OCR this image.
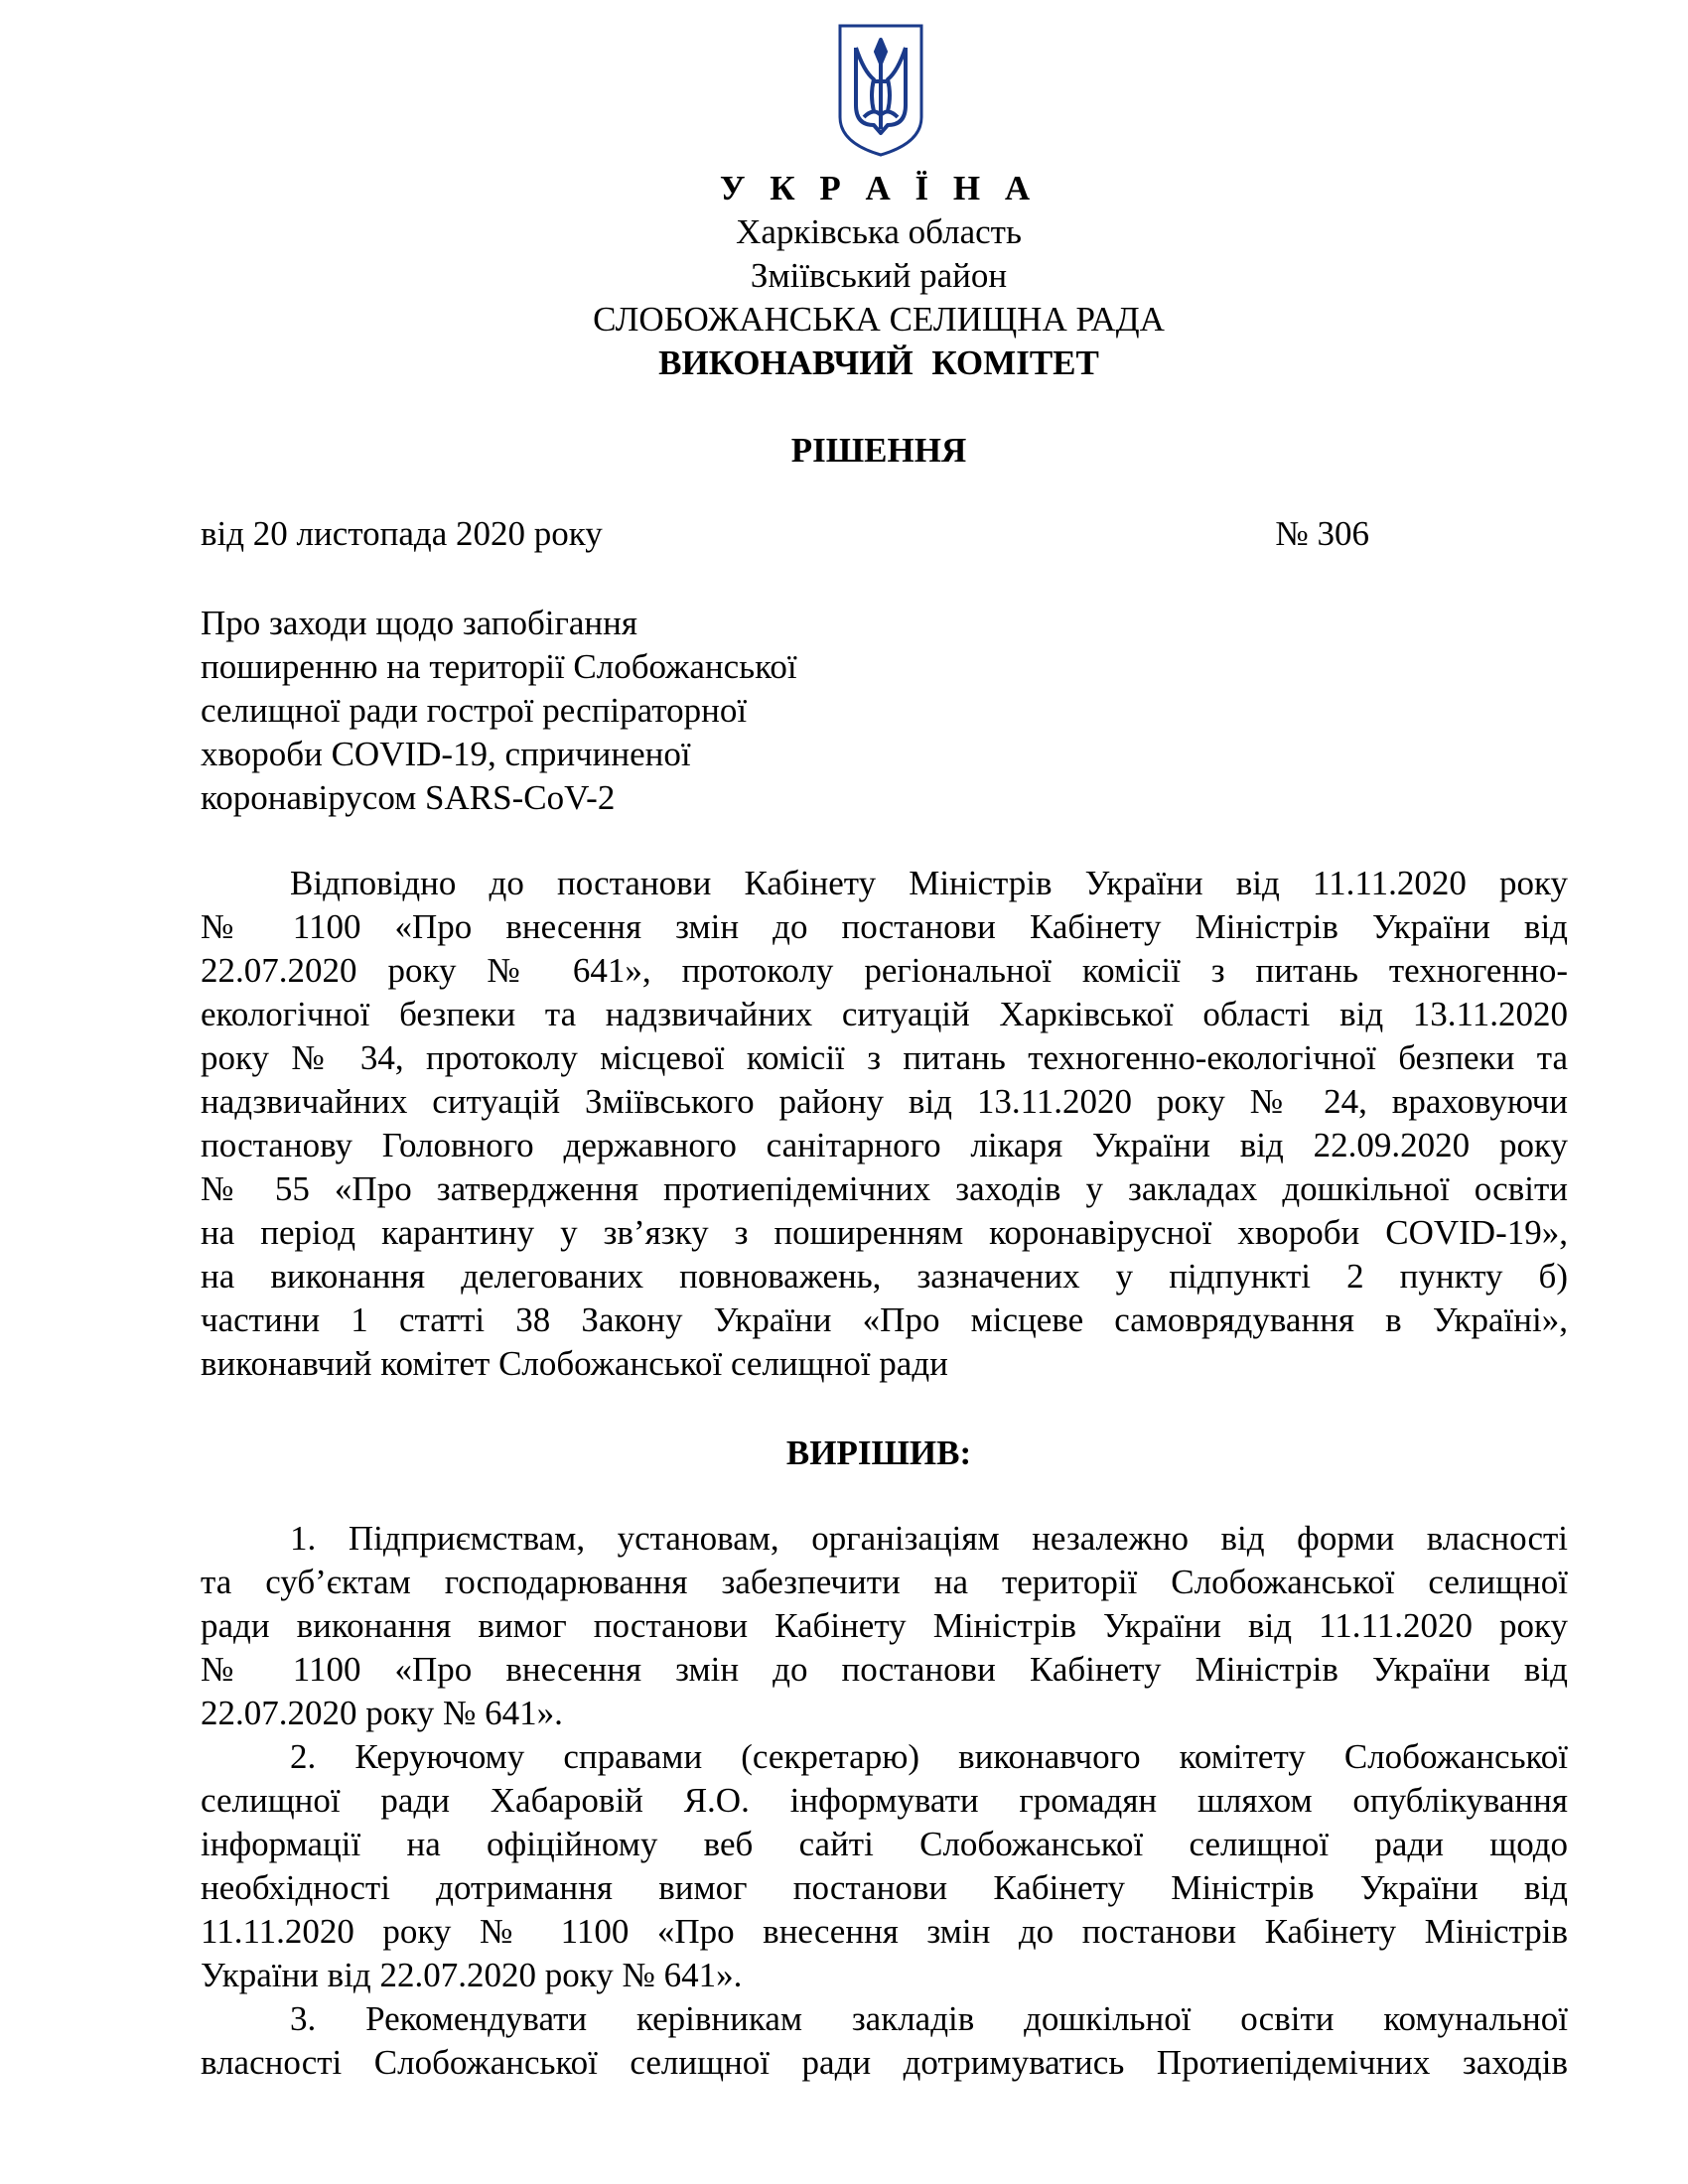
У К Р А Ї Н А
Харківська область
Зміївський район
СЛОБОЖАНСЬКА СЕЛИЩНА РАДА
ВИКОНАВЧИЙ КОМІТЕТ
РІШЕННЯ
від 20 листопада 2020 року	№ 306
Про заходи щодо запобігання
поширенню на території Слобожанської
селищної ради гострої респіраторної
хвороби COVID-19, спричиненої
коронавірусом SARS-CoV-2
Відповідно до постанови Кабінету Міністрів України від 11.11.2020 року
№ 1100 «Про внесення змін до постанови Кабінету Міністрів України від
22.07.2020 року № 641», протоколу регіональної комісії з питань техногенно-
екологічної безпеки та надзвичайних ситуацій Харківської області від 13.11.2020
року № 34, протоколу місцевої комісії з питань техногенно-екологічної безпеки та
надзвичайних ситуацій Зміївського району від 13.11.2020 року № 24, враховуючи
постанову Головного державного санітарного лікаря України від 22.09.2020 року
№ 55 «Про затвердження протиепідемічних заходів у закладах дошкільної освіти
на період карантину у зв’язку з поширенням коронавірусної хвороби COVID-19»,
на виконання делегованих повноважень, зазначених у підпункті 2 пункту б)
частини 1 статті 38 Закону України «Про місцеве самоврядування в Україні»,
виконавчий комітет Слобожанської селищної ради
ВИРІШИВ:
1. Підприємствам, установам, організаціям незалежно від форми власності
та суб’єктам господарювання забезпечити на території Слобожанської селищної
ради виконання вимог постанови Кабінету Міністрів України від 11.11.2020 року
№ 1100 «Про внесення змін до постанови Кабінету Міністрів України від
22.07.2020 року № 641».
2. Керуючому справами (секретарю) виконавчого комітету Слобожанської
селищної ради Хабаровій Я.О. інформувати громадян шляхом опублікування
інформації на офіційному веб сайті Слобожанської селищної ради щодо
необхідності дотримання вимог постанови Кабінету Міністрів України від
11.11.2020 року № 1100 «Про внесення змін до постанови Кабінету Міністрів
України від 22.07.2020 року № 641».
3. Рекомендувати керівникам закладів дошкільної освіти комунальної
власності Слобожанської селищної ради дотримуватись Протиепідемічних заходів
